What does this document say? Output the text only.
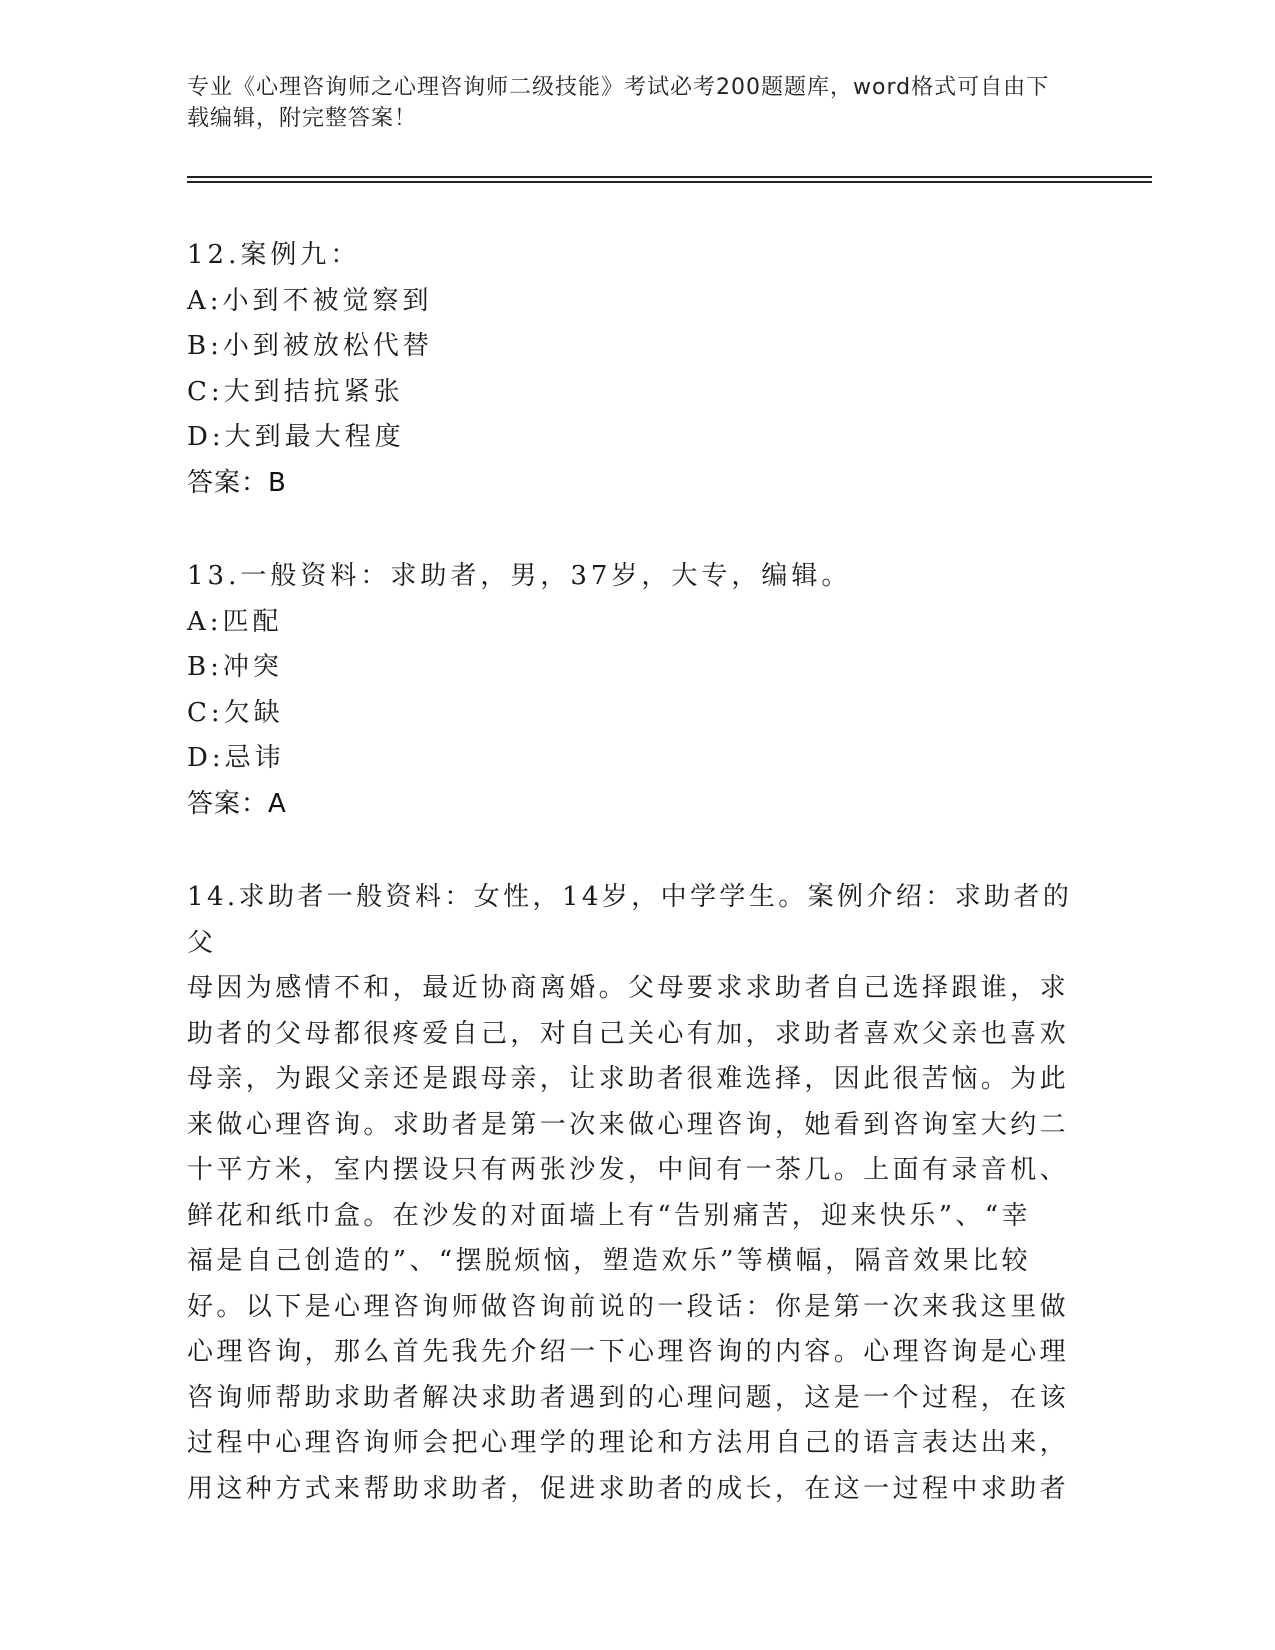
专业《心理咨询师之心理咨询师二级技能》考试必考200题题库，word格式可自由下载编辑，附完整答案！
12.案例九：
A:小到不被觉察到
B:小到被放松代替
C:大到拮抗紧张
D:大到最大程度
答案：B
13.一般资料：求助者，男，37岁，大专，编辑。
A:匹配
B:冲突
C:欠缺
D:忌讳
答案：A
14.求助者一般资料：女性，14岁，中学学生。案例介绍：求助者的父
母因为感情不和，最近协商离婚。父母要求求助者自己选择跟谁，求
助者的父母都很疼爱自己，对自己关心有加，求助者喜欢父亲也喜欢
母亲，为跟父亲还是跟母亲，让求助者很难选择，因此很苦恼。为此
来做心理咨询。求助者是第一次来做心理咨询，她看到咨询室大约二
十平方米，室内摆设只有两张沙发，中间有一茶几。上面有录音机、
鲜花和纸巾盒。在沙发的对面墙上有“告别痛苦，迎来快乐”、“幸
福是自己创造的”、“摆脱烦恼，塑造欢乐”等横幅，隔音效果比较
好。以下是心理咨询师做咨询前说的一段话：你是第一次来我这里做
心理咨询，那么首先我先介绍一下心理咨询的内容。心理咨询是心理
咨询师帮助求助者解决求助者遇到的心理问题，这是一个过程，在该
过程中心理咨询师会把心理学的理论和方法用自己的语言表达出来，
用这种方式来帮助求助者，促进求助者的成长，在这一过程中求助者
